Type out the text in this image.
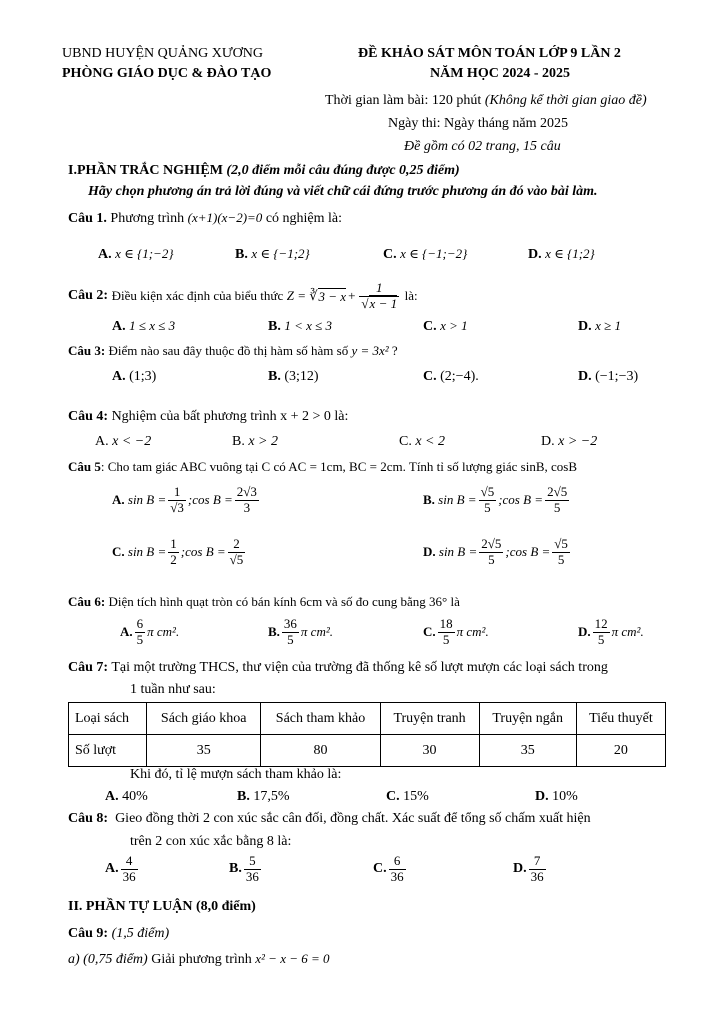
UBND HUYỆN QUẢNG XƯƠNG
PHÒNG GIÁO DỤC & ĐÀO TẠO
ĐỀ KHẢO SÁT MÔN TOÁN LỚP 9 LẦN 2
NĂM HỌC 2024 - 2025
Thời gian làm bài: 120 phút (Không kể thời gian giao đề)
Ngày thi: Ngày tháng năm 2025
Đề gồm có 02 trang, 15 câu
I.PHẦN TRẮC NGHIỆM (2,0 điểm mỗi câu đúng được 0,25 điểm)
Hãy chọn phương án trả lời đúng và viết chữ cái đứng trước phương án đó vào bài làm.
Câu 1. Phương trình (x+1)(x−2)=0 có nghiệm là:
A. x ∈ {1;−2}	B. x ∈ {−1;2}	C. x ∈ {−1;−2}	D. x ∈ {1;2}
Câu 2:
Điều kiện xác định của biểu thức
Z = ∛ $3 - x + \frac{1}{√x - 1}$
là:
A. 1 ≤ x ≤ 3	B. 1 < x ≤ 3	C. x > 1	D. x ≥ 1
Câu 3: Điểm nào sau đây thuộc đồ thị hàm số hàm số y = 3x² ?
A. (1;3)	B. (3;12)	C. (2;−4).	D. (−1;−3)
Câu 4: Nghiệm của bất phương trình x + 2 > 0 là:
A. x < −2	B. x > 2	C. x < 2	D. x > −2
Câu 5: Cho tam giác ABC vuông tại C có AC = 1cm, BC = 2cm. Tính tỉ số lượng giác sinB, cosB
A.
$\sin B = \frac{1}{√3}$ ;cos $B = \frac{2√3}{3}$	B.
$\sin B = \frac{√5}{5}$ ;cos $B = \frac{2√5}{5}$
C.
$\sin B = \frac{1}{2}$ ;cos $B = \frac{2}{√5}$	D.
$\sin B = \frac{2√5}{5}$ ;cos $B = \frac{√5}{5}$
Câu 6: Diện tích hình quạt tròn có bán kính 6cm và số đo cung bằng 36° là
A. $\frac{6}{5}$ π cm².	B. $\frac{36}{5}$ π cm².	C. $\frac{18}{5}$ π cm².	D. $\frac{12}{5}$ π cm².
Câu 7: Tại một trường THCS, thư viện của trường đã thống kê số lượt mượn các loại sách trong
1 tuần như sau:
Loại sách	Sách giáo khoa	Sách tham khảo	Truyện tranh	Truyện ngắn	Tiểu thuyết
Số lượt	35	80	30	35	20
Khi đó, tỉ lệ mượn sách tham khảo là:
A. 40%	B. 17,5%	C. 15%	D. 10%
Câu 8: Gieo đồng thời 2 con xúc sắc cân đối, đồng chất. Xác suất để tổng số chấm xuất hiện
trên 2 con xúc xắc bằng 8 là:
A. $\frac{4}{36}$	B. $\frac{5}{36}$	C. $\frac{6}{36}$	D. $\frac{7}{36}$
II. PHẦN TỰ LUẬN (8,0 điểm)
Câu 9: (1,5 điểm)
a) (0,75 điểm) Giải phương trình x² − x − 6 = 0
